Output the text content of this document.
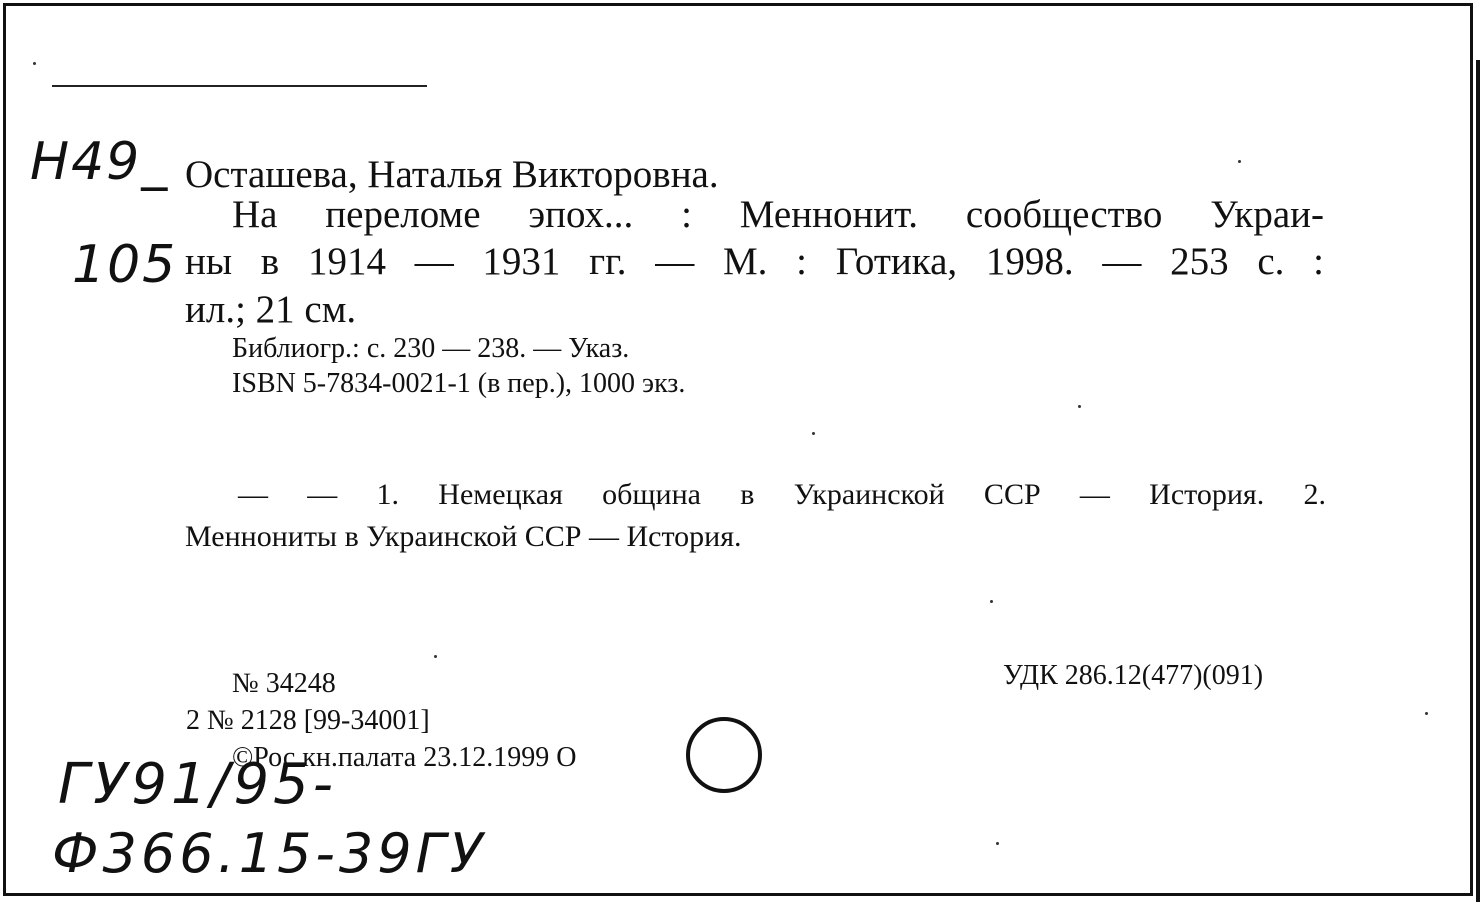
Н49_
105
Осташева, Наталья Викторовна.
На переломе эпох... : Меннонит. сообщество Украи-
ны в 1914 — 1931 гг. — М. : Готика, 1998. — 253 с. :
ил.; 21 см.
Библиогр.: с. 230 — 238. — Указ.
ISBN 5-7834-0021-1 (в пер.), 1000 экз.
— — 1. Немецкая община в Украинской ССР — История. 2.
Меннониты в Украинской ССР — История.
№ 34248
2 № 2128 [99-34001]
©Рос.кн.палата 23.12.1999 О
УДК 286.12(477)(091)
ГУ91/95-
Ф366.15-39ГУ
